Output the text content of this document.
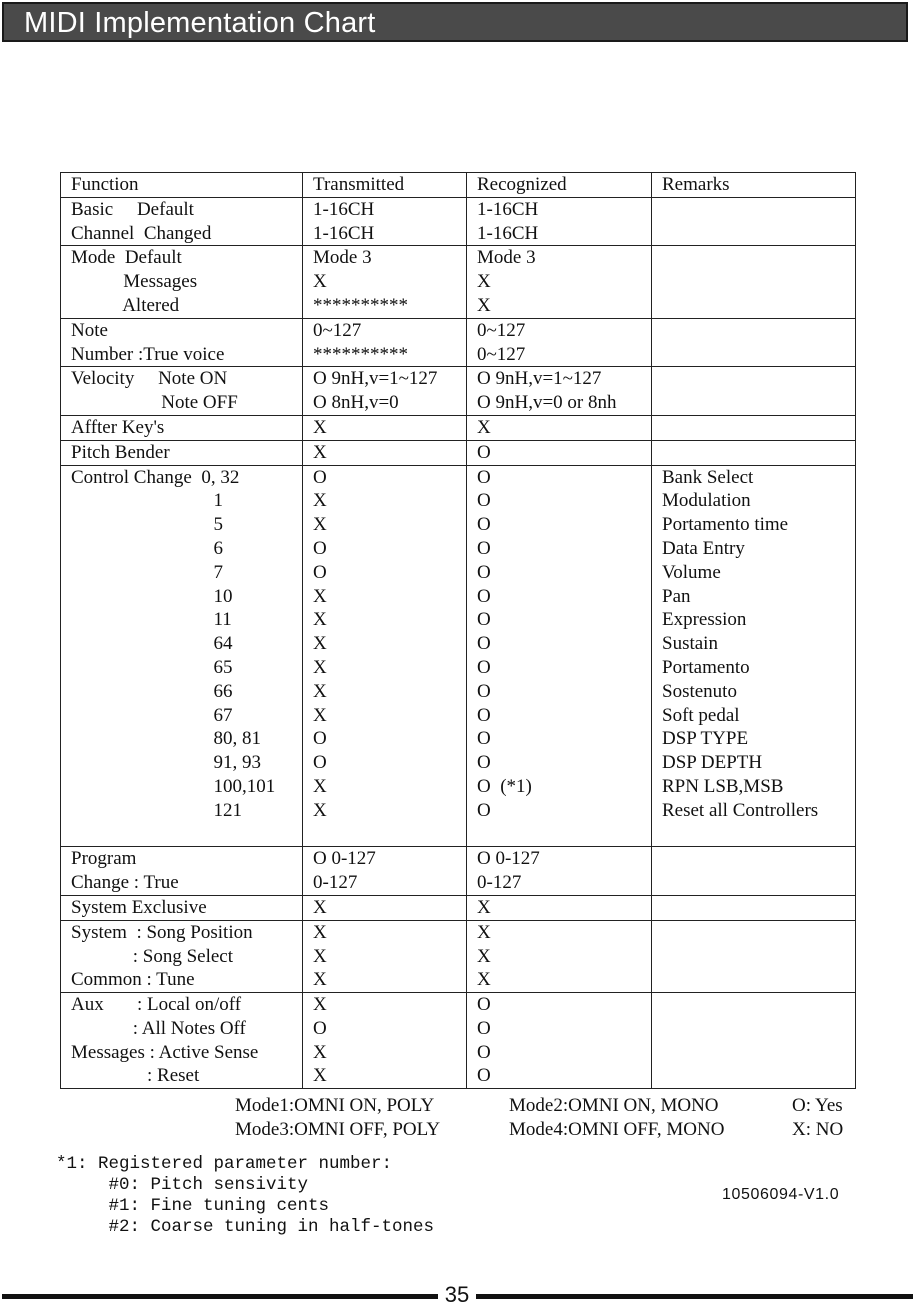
MIDI Implementation Chart
Function	Transmitted	Recognized	Remarks

Basic     Default	1-16CH	1-16CH	

Channel  Changed	1-16CH	1-16CH	

Mode  Default	Mode 3	Mode 3	

Messages	X	X	

Altered	**********	X	

Note	0~127	0~127	

Number :True voice	**********	0~127	

Velocity     Note ON	O 9nH,v=1~127	O 9nH,v=1~127	

Note OFF	O 8nH,v=0	O 9nH,v=0 or 8nh	

Affter Key's	X	X	

Pitch Bender	X	O	

Control Change  0, 32	O	O	Bank Select

1	X	O	Modulation

5	X	O	Portamento time

6	O	O	Data Entry

7	O	O	Volume

10	X	O	Pan

11	X	O	Expression

64	X	O	Sustain

65	X	O	Portamento

66	X	O	Sostenuto

67	X	O	Soft pedal

80, 81	O	O	DSP TYPE

91, 93	O	O	DSP DEPTH

100,101	X	O  (*1)	RPN LSB,MSB

121	X	O	Reset all Controllers

Program	O 0-127	O 0-127	

Change : True	0-127	0-127	

System Exclusive	X	X	

System  : Song Position	X	X	

: Song Select	X	X	

Common : Tune	X	X	

Aux       : Local on/off	X	O	

: All Notes Off	O	O	

Messages : Active Sense	X	O	

: Reset	X	O	

Mode1:OMNI ON, POLY
Mode3:OMNI OFF, POLY
Mode2:OMNI ON, MONO
Mode4:OMNI OFF, MONO
O: Yes
X: NO
*1: Registered parameter number:
#0: Pitch sensivity
#1: Fine tuning cents
#2: Coarse tuning in half-tones
10506094-V1.0
35
